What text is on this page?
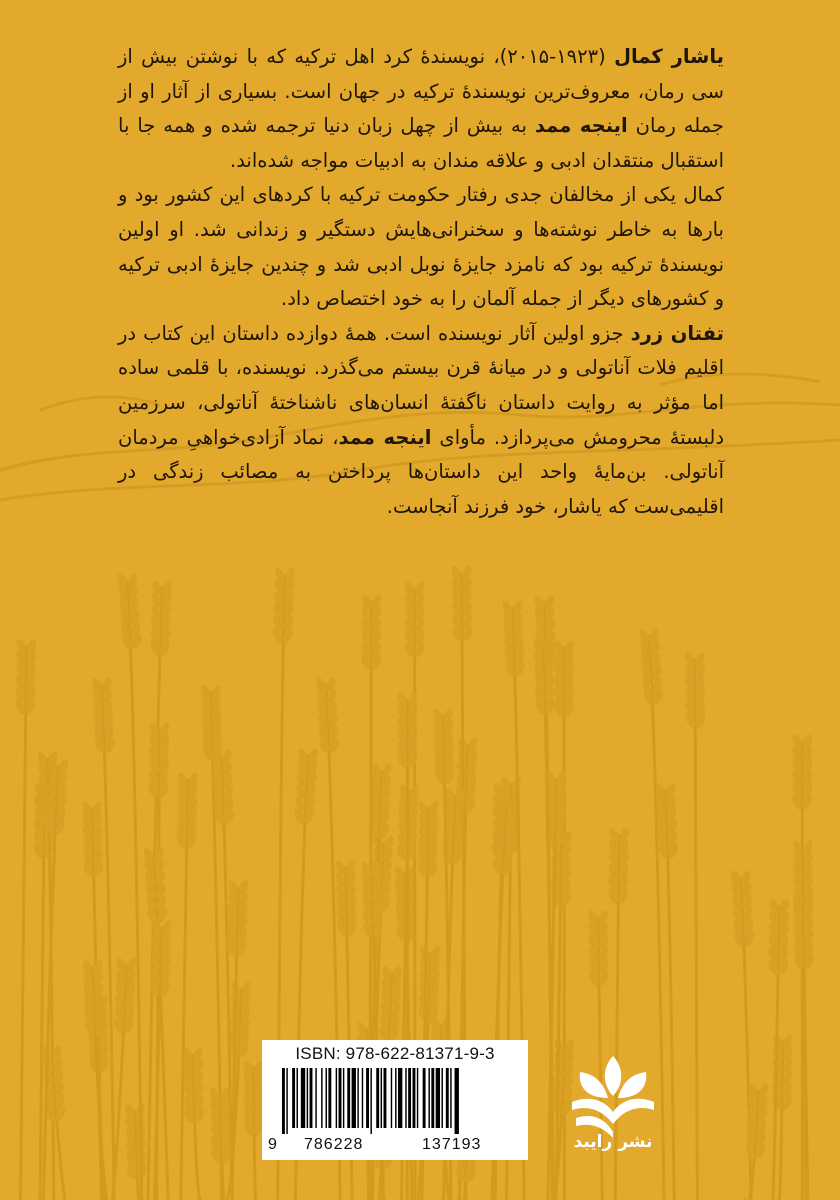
یاشار کمال (۱۹۲۳-۲۰۱۵)، نویسندۀ کرد اهل ترکیه که با نوشتن بیش از سی رمان، معروف‌ترین نویسندۀ ترکیه در جهان است. بسیاری از آثار او از جمله رمان اینجه ممد به بیش از چهل زبان دنیا ترجمه شده و همه جا با استقبال منتقدان ادبی و علاقه مندان به ادبیات مواجه شده‌اند.

کمال یکی از مخالفان جدی رفتار حکومت ترکیه با کردهای این کشور بود و بارها به خاطر نوشته‌ها و سخنرانی‌هایش دستگیر و زندانی شد. او اولین نویسندۀ ترکیه بود که نامزد جایزۀ نوبل ادبی شد و چندین جایزۀ ادبی ترکیه و کشورهای دیگر از جمله آلمان را به خود اختصاص داد.

تفتان زرد جزو اولین آثار نویسنده است. همۀ دوازده داستان این کتاب در اقلیم فلات آناتولی و در میانۀ قرن بیستم می‌گذرد. نویسنده، با قلمی ساده اما مؤثر به روایت داستان ناگفتۀ انسان‌های ناشناختۀ آناتولی، سرزمین دلبستۀ محرومش می‌پردازد. مأوای اینجه ممد، نماد آزادی‌خواهیِ مردمان آناتولی. بن‌مایۀ واحد این داستان‌ها پرداختن به مصائب زندگی در اقلیمی‌ست که یاشار، خود فرزند آنجاست.

ISBN: 978-622-81371-9-3
9 786228	137193	نشر رایبد
